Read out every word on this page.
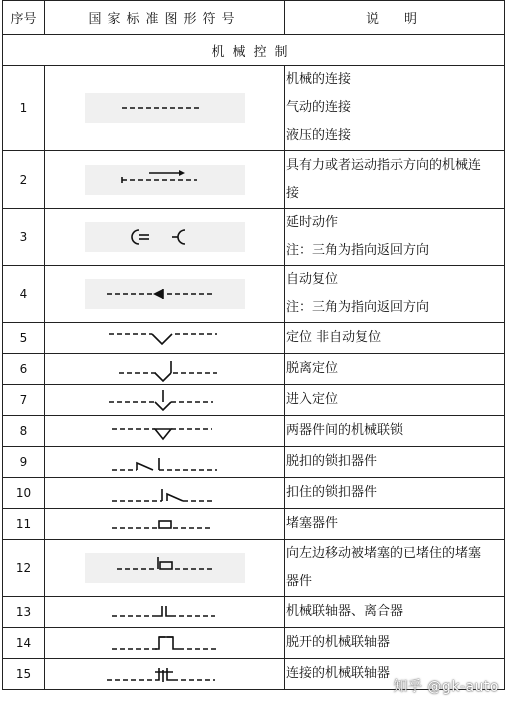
序号	国家标准图形符号	说　明
机械控制		
1		机械的连接
气动的连接
液压的连接

2		具有力或者运动指示方向的机械连
接

3		延时动作
注：三角为指向返回方向

4		自动复位
注：三角为指向返回方向

5		定位 非自动复位

6		脱离定位

7		进入定位

8		两器件间的机械联锁

9		脱扣的锁扣器件

10		扣住的锁扣器件

11		堵塞器件

12		向左边移动被堵塞的已堵住的堵塞
器件

13		机械联轴器、离合器

14		脱开的机械联轴器

15		连接的机械联轴器
知乎 @gk-auto
